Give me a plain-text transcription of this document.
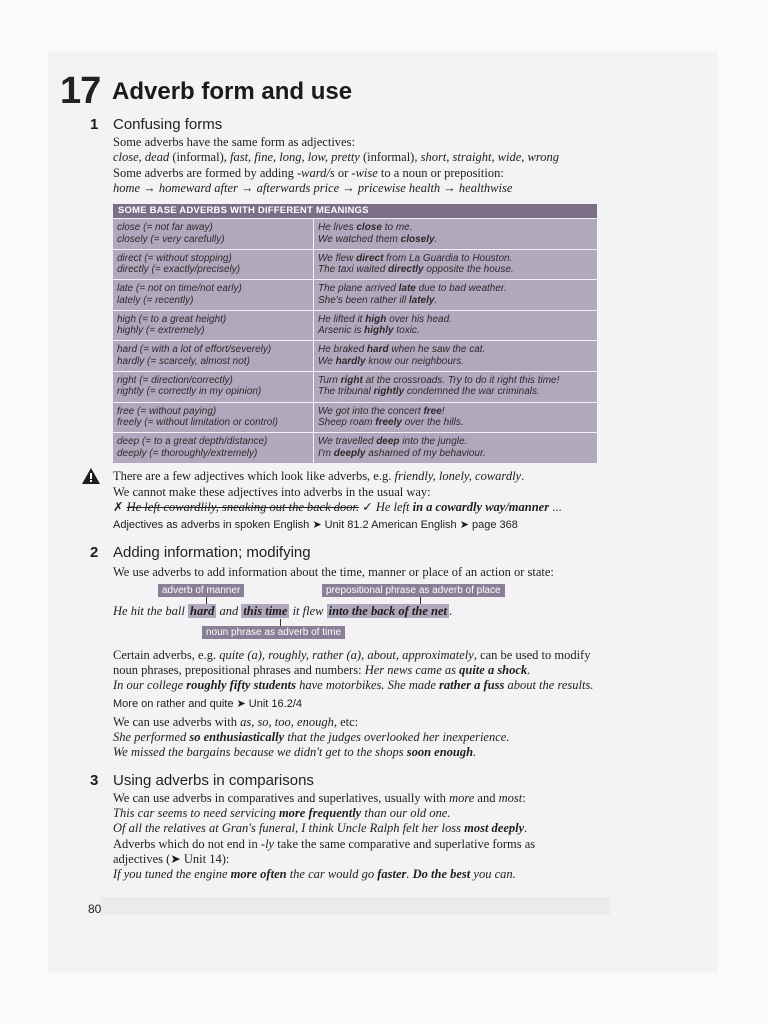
17 Adverb form and use
1 Confusing forms
Some adverbs have the same form as adjectives:
close, dead (informal), fast, fine, long, low, pretty (informal), short, straight, wide, wrong
Some adverbs are formed by adding -ward/s or -wise to a noun or preposition:
home → homeward after → afterwards price → pricewise health → healthwise
SOME BASE ADVERBS WITH DIFFERENT MEANINGS
close (= not far away)
closely (= very carefully)
He lives close to me.
We watched them closely.
direct (= without stopping)
directly (= exactly/precisely)
We flew direct from La Guardia to Houston.
The taxi waited directly opposite the house.
late (= not on time/not early)
lately (= recently)
The plane arrived late due to bad weather.
She's been rather ill lately.
high (= to a great height)
highly (= extremely)
He lifted it high over his head.
Arsenic is highly toxic.
hard (= with a lot of effort/severely)
hardly (= scarcely, almost not)
He braked hard when he saw the cat.
We hardly know our neighbours.
right (= direction/correctly)
rightly (= correctly in my opinion)
Turn right at the crossroads. Try to do it right this time!
The tribunal rightly condemned the war criminals.
free (= without paying)
freely (= without limitation or control)
We got into the concert free!
Sheep roam freely over the hills.
deep (= to a great depth/distance)
deeply (= thoroughly/extremely)
We travelled deep into the jungle.
I'm deeply ashamed of my behaviour.
There are a few adjectives which look like adverbs, e.g. friendly, lonely, cowardly.
We cannot make these adjectives into adverbs in the usual way:
✗ He left cowardlily, sneaking out the back door. ✓ He left in a cowardly way/manner ...
Adjectives as adverbs in spoken English ➤ Unit 81.2 American English ➤ page 368
2 Adding information; modifying
We use adverbs to add information about the time, manner or place of an action or state:
adverb of manner	prepositional phrase as adverb of place
He hit the ball hard and this time it flew into the back of the net .
noun phrase as adverb of time
Certain adverbs, e.g. quite (a), roughly, rather (a), about, approximately, can be used to modify
noun phrases, prepositional phrases and numbers: Her news came as quite a shock.
In our college roughly fifty students have motorbikes. She made rather a fuss about the results.
More on rather and quite ➤ Unit 16.2/4
We can use adverbs with as, so, too, enough, etc:
She performed so enthusiastically that the judges overlooked her inexperience.
We missed the bargains because we didn't get to the shops soon enough.
3 Using adverbs in comparisons
We can use adverbs in comparatives and superlatives, usually with more and most:
This car seems to need servicing more frequently than our old one.
Of all the relatives at Gran's funeral, I think Uncle Ralph felt her loss most deeply.
Adverbs which do not end in -ly take the same comparative and superlative forms as
adjectives (➤ Unit 14):
If you tuned the engine more often the car would go faster. Do the best you can.
80
